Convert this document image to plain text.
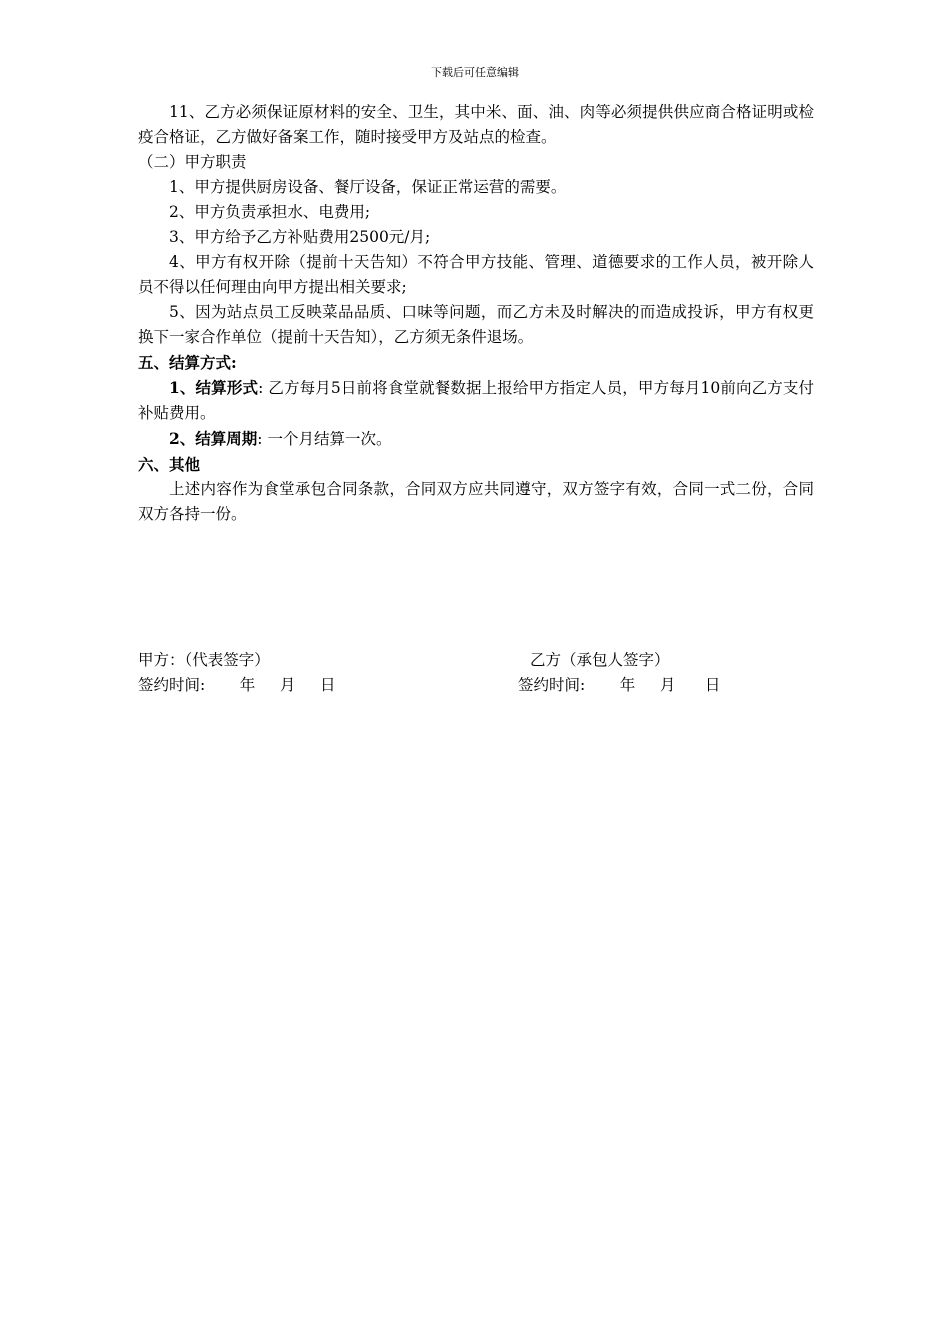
下载后可任意编辑

11、乙方必须保证原材料的安全、卫生，其中米、面、油、肉等必须提供供应商合格证明或检疫合格证，乙方做好备案工作，随时接受甲方及站点的检查。

（二）甲方职责

1、甲方提供厨房设备、餐厅设备，保证正常运营的需要。

2、甲方负责承担水、电费用;

3、甲方给予乙方补贴费用2500元/月;

4、甲方有权开除（提前十天告知）不符合甲方技能、管理、道德要求的工作人员，被开除人员不得以任何理由向甲方提出相关要求;

5、因为站点员工反映菜品品质、口味等问题，而乙方未及时解决的而造成投诉，甲方有权更换下一家合作单位（提前十天告知），乙方须无条件退场。

五、结算方式:

1、结算形式: 乙方每月5日前将食堂就餐数据上报给甲方指定人员，甲方每月10前向乙方支付补贴费用。

2、结算周期: 一个月结算一次。

六、其他

上述内容作为食堂承包合同条款，合同双方应共同遵守，双方签字有效，合同一式二份，合同双方各持一份。

甲方：（代表签字）	乙方（承包人签字）
签约时间:       年     月     日	签约时间:       年     月      日
